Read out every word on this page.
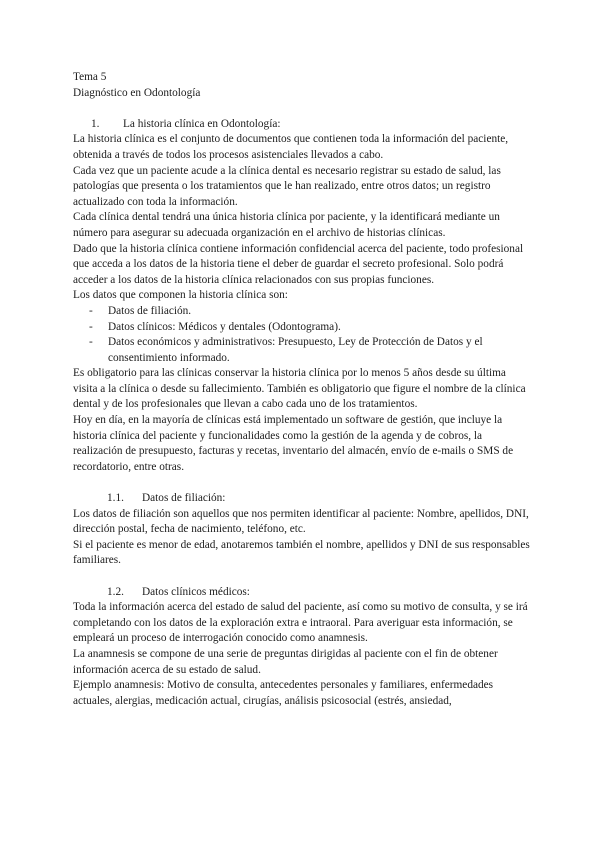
Tema 5
Diagnóstico en Odontología
1.	La historia clínica en Odontología:

La historia clínica es el conjunto de documentos que contienen toda la información del paciente, obtenida a través de todos los procesos asistenciales llevados a cabo.

Cada vez que un paciente acude a la clínica dental es necesario registrar su estado de salud, las patologías que presenta o los tratamientos que le han realizado, entre otros datos; un registro actualizado con toda la información.

Cada clínica dental tendrá una única historia clínica por paciente, y la identificará mediante un número para asegurar su adecuada organización en el archivo de historias clínicas.

Dado que la historia clínica contiene información confidencial acerca del paciente, todo profesional que acceda a los datos de la historia tiene el deber de guardar el secreto profesional. Solo podrá acceder a los datos de la historia clínica relacionados con sus propias funciones.

Los datos que componen la historia clínica son:

- Datos de filiación.
- Datos clínicos: Médicos y dentales (Odontograma).
- Datos económicos y administrativos: Presupuesto, Ley de Protección de Datos y el consentimiento informado.

Es obligatorio para las clínicas conservar la historia clínica por lo menos 5 años desde su última visita a la clínica o desde su fallecimiento. También es obligatorio que figure el nombre de la clínica dental y de los profesionales que llevan a cabo cada uno de los tratamientos.

Hoy en día, en la mayoría de clínicas está implementado un software de gestión, que incluye la historia clínica del paciente y funcionalidades como la gestión de la agenda y de cobros, la realización de presupuesto, facturas y recetas, inventario del almacén, envío de e-mails o SMS de recordatorio, entre otras.

1.1.	Datos de filiación:

Los datos de filiación son aquellos que nos permiten identificar al paciente: Nombre, apellidos, DNI, dirección postal, fecha de nacimiento, teléfono, etc.

Si el paciente es menor de edad, anotaremos también el nombre, apellidos y DNI de sus responsables familiares.

1.2.	Datos clínicos médicos:

Toda la información acerca del estado de salud del paciente, así como su motivo de consulta, y se irá completando con los datos de la exploración extra e intraoral. Para averiguar esta información, se empleará un proceso de interrogación conocido como anamnesis.

La anamnesis se compone de una serie de preguntas dirigidas al paciente con el fin de obtener información acerca de su estado de salud.

Ejemplo anamnesis: Motivo de consulta, antecedentes personales y familiares, enfermedades actuales, alergias, medicación actual, cirugías, análisis psicosocial (estrés, ansiedad,
